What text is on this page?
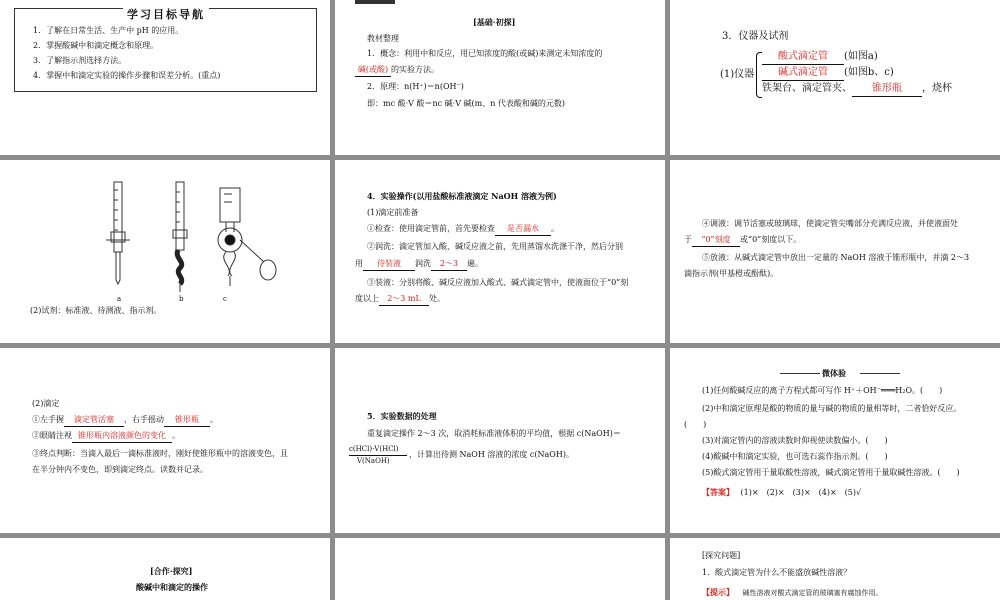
学习目标导航
1．了解在日常生活、生产中 pH 的应用。
2．掌握酸碱中和滴定概念和原理。
3．了解指示剂选择方法。
4．掌握中和滴定实验的操作步骤和误差分析。(重点)
[基础·初探]
教材整理
1．概念：利用中和反应，用已知浓度的酸(或碱)来测定未知浓度的
碱(或酸) 的实验方法。
2．原理：n(H⁺)＝n(OH⁻)
即：mc 酸·V 酸＝nc 碱·V 碱(m、n 代表酸和碱的元数)
3．仪器及试剂
(1)仪器
酸式滴定管 (如图a)
碱式滴定管 (如图b、c)
铁架台、滴定管夹、 锥形瓶 ，烧杯
a	b	c
(2)试剂：标准液、待测液、指示剂。
4．实验操作(以用盐酸标准液滴定 NaOH 溶液为例)
(1)滴定前准备
①检查：使用滴定管前，首先要检查 是否漏水 。
②润洗：滴定管加入酸、碱反应液之前，先用蒸馏水洗涤干净，然后分别
用 待装液 润洗 2～3 遍。
③装液：分别将酸、碱反应液加入酸式、碱式滴定管中，使液面位于“0”刻
度以上 2～3 mL 处。
④调液：调节活塞或玻璃球，使滴定管尖嘴部分充满反应液，并使液面处
于 “0”刻度 或“0”刻度以下。
⑤放液：从碱式滴定管中放出一定量的 NaOH 溶液于锥形瓶中，并滴 2～3
滴指示剂(甲基橙或酚酞)。
(2)滴定
①左手握 滴定管活塞 ，右手摇动 锥形瓶 。
②眼睛注视 锥形瓶内溶液颜色的变化 。
③终点判断：当滴入最后一滴标准液时，刚好使锥形瓶中的溶液变色，且
在半分钟内不变色，即到滴定终点。读数并记录。
5．实验数据的处理
重复滴定操作 2～3 次，取消耗标准液体积的平均值，根据 c(NaOH)＝
c(HCl)·V(HCl)
V(NaOH)
，计算出待测 NaOH 溶液的浓度 c(NaOH)。
微体验
(1)任何酸碱反应的离子方程式都可写作 H⁺＋OH⁻═══H₂O。(　　)
(2)中和滴定原理是酸的物质的量与碱的物质的量相等时，二者恰好反应。
(　　)
(3)对滴定管内的溶液读数时仰视使读数偏小。(　　)
(4)酸碱中和滴定实验，也可选石蕊作指示剂。(　　)
(5)酸式滴定管用于量取酸性溶液，碱式滴定管用于量取碱性溶液。(　　)
【答案】 (1)×　(2)×　(3)×　(4)×　(5)√
[合作·探究]
酸碱中和滴定的操作
[探究问题]
1．酸式滴定管为什么不能盛放碱性溶液？
【提示】 碱性溶液对酸式滴定管的玻璃塞有腐蚀作用。
